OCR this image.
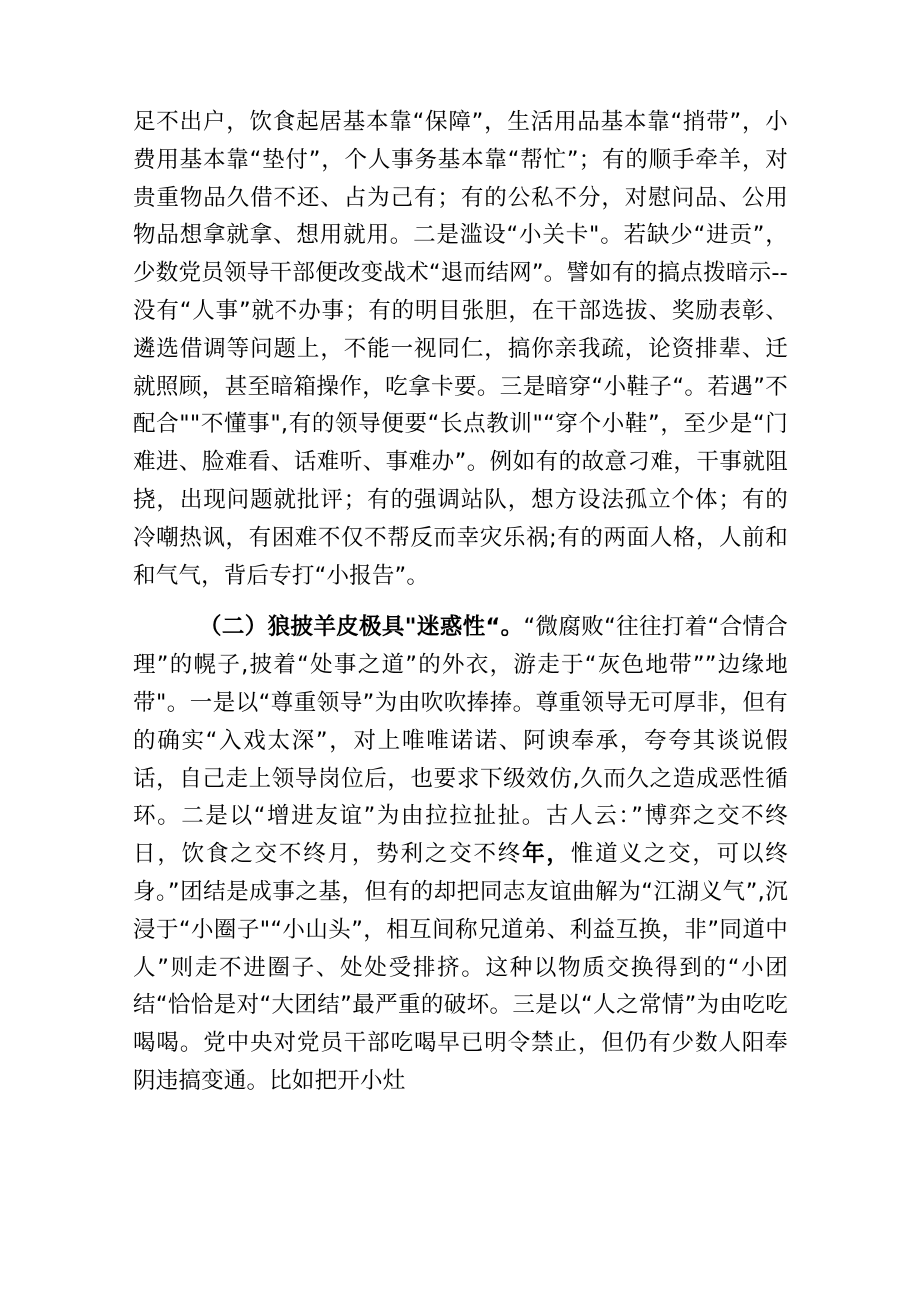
足不出户，饮食起居基本靠“保障”，生活用品基本靠“捎带”，小费用基本靠“垫付”，个人事务基本靠“帮忙”；有的顺手牵羊，对贵重物品久借不还、占为己有；有的公私不分，对慰问品、公用物品想拿就拿、想用就用。二是滥设“小关卡"。若缺少“进贡”，少数党员领导干部便改变战术“退而结网”。譬如有的搞点拨暗示--没有“人事”就不办事；有的明目张胆，在干部选拔、奖励表彰、遴选借调等问题上，不能一视同仁，搞你亲我疏，论资排辈、迁就照顾，甚至暗箱操作，吃拿卡要。三是暗穿“小鞋子“。若遇”不配合""不懂事",有的领导便要“长点教训"“穿个小鞋”，至少是“门难进、脸难看、话难听、事难办”。例如有的故意刁难，干事就阻挠，出现问题就批评；有的强调站队，想方设法孤立个体；有的冷嘲热讽，有困难不仅不帮反而幸灾乐祸;有的两面人格，人前和和气气，背后专打“小报告”。

（二）狼披羊皮极具"迷惑性“。“微腐败“往往打着“合情合理”的幌子,披着“处事之道”的外衣，游走于“灰色地带””边缘地带"。一是以“尊重领导”为由吹吹捧捧。尊重领导无可厚非，但有的确实“入戏太深”，对上唯唯诺诺、阿谀奉承，夸夸其谈说假话，自己走上领导岗位后，也要求下级效仿,久而久之造成恶性循环。二是以“增进友谊”为由拉拉扯扯。古人云：”博弈之交不终日，饮食之交不终月，势利之交不终年，惟道义之交，可以终身。”团结是成事之基，但有的却把同志友谊曲解为“江湖义气”,沉浸于“小圈子"“小山头”，相互间称兄道弟、利益互换，非”同道中人”则走不进圈子、处处受排挤。这种以物质交换得到的“小团结“恰恰是对“大团结”最严重的破坏。三是以“人之常情”为由吃吃喝喝。党中央对党员干部吃喝早已明令禁止，但仍有少数人阳奉阴违搞变通。比如把开小灶
